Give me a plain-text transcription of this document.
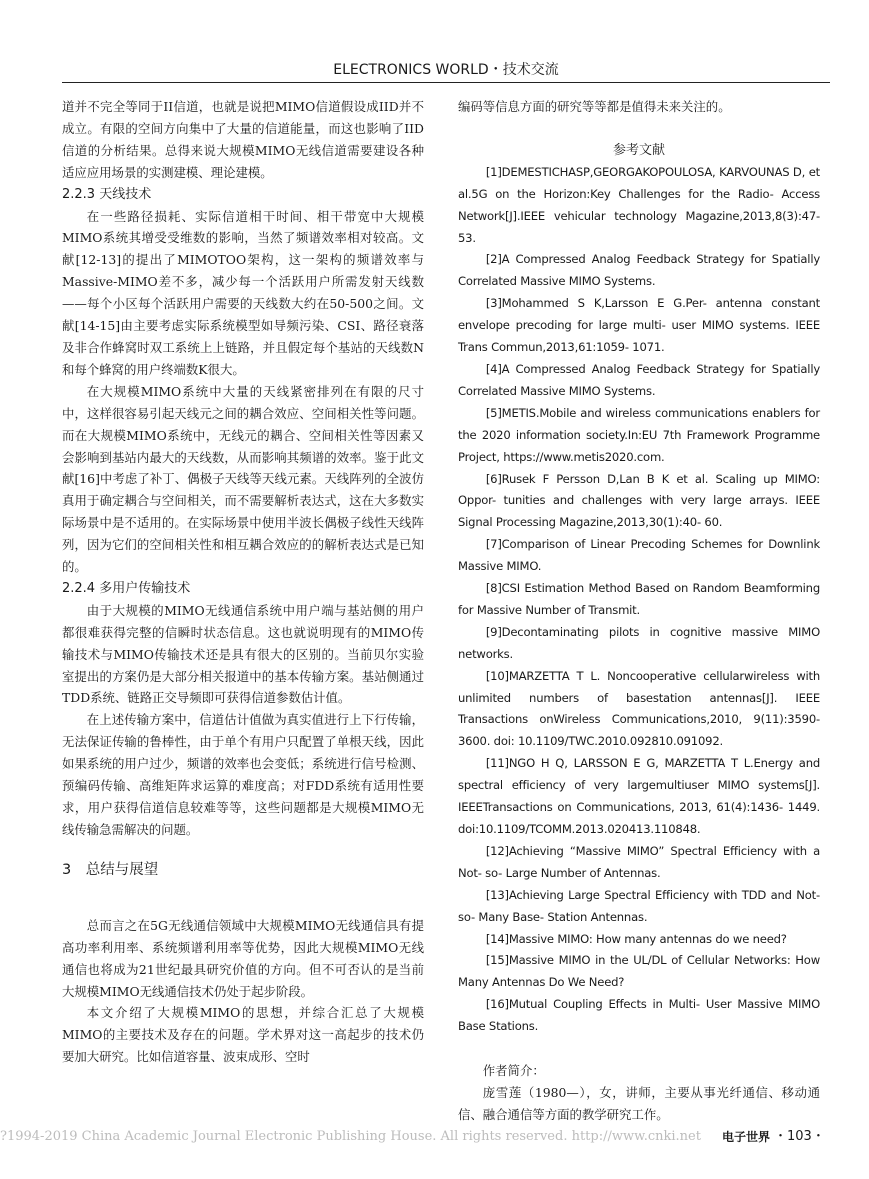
ELECTRONICS WORLD・技术交流

道并不完全等同于II信道，也就是说把MIMO信道假设成IID并不成立。有限的空间方向集中了大量的信道能量，而这也影响了IID信道的分析结果。总得来说大规模MIMO无线信道需要建设各种适应应用场景的实测建模、理论建模。

2.2.3 天线技术

在一些路径损耗、实际信道相干时间、相干带宽中大规模MIMO系统其增受受维数的影响，当然了频谱效率相对较高。文献[12-13]的提出了MIMOTOO架构，这一架构的频谱效率与Massive-MIMO差不多，减少每一个活跃用户所需发射天线数——每个小区每个活跃用户需要的天线数大约在50-500之间。文献[14-15]由主要考虑实际系统模型如导频污染、CSI、路径衰落及非合作蜂窝时双工系统上上链路，并且假定每个基站的天线数N和每个蜂窝的用户终端数K很大。

在大规模MIMO系统中大量的天线紧密排列在有限的尺寸中，这样很容易引起天线元之间的耦合效应、空间相关性等问题。而在大规模MIMO系统中，无线元的耦合、空间相关性等因素又会影响到基站内最大的天线数，从而影响其频谱的效率。鉴于此文献[16]中考虑了补丁、偶极子天线等天线元素。天线阵列的全波仿真用于确定耦合与空间相关，而不需要解析表达式，这在大多数实际场景中是不适用的。在实际场景中使用半波长偶极子线性天线阵列，因为它们的空间相关性和相互耦合效应的的解析表达式是已知的。

2.2.4 多用户传输技术

由于大规模的MIMO无线通信系统中用户端与基站侧的用户都很难获得完整的信瞬时状态信息。这也就说明现有的MIMO传输技术与MIMO传输技术还是具有很大的区别的。当前贝尔实验室提出的方案仍是大部分相关报道中的基本传输方案。基站侧通过TDD系统、链路正交导频即可获得信道参数估计值。

在上述传输方案中，信道估计值做为真实值进行上下行传输，无法保证传输的鲁棒性，由于单个有用户只配置了单根天线，因此如果系统的用户过少，频谱的效率也会变低；系统进行信号检测、预编码传输、高维矩阵求运算的难度高；对FDD系统有适用性要求，用户获得信道信息较难等等，这些问题都是大规模MIMO无线传输急需解决的问题。

3　总结与展望

总而言之在5G无线通信领域中大规模MIMO无线通信具有提高功率利用率、系统频谱利用率等优势，因此大规模MIMO无线通信也将成为21世纪最具研究价值的方向。但不可否认的是当前大规模MIMO无线通信技术仍处于起步阶段。

本文介绍了大规模MIMO的思想，并综合汇总了大规模MIMO的主要技术及存在的问题。学术界对这一高起步的技术仍要加大研究。比如信道容量、波束成形、空时

编码等信息方面的研究等等都是值得未来关注的。

参考文献

[1]DEMESTICHASP,GEORGAKOPOULOSA, KARVOUNAS D, et al.5G on the Horizon:Key Challenges for the Radio- Access Network[J].IEEE vehicular technology Magazine,2013,8(3):47- 53.

[2]A Compressed Analog Feedback Strategy for Spatially Correlated Massive MIMO Systems.

[3]Mohammed S K,Larsson E G.Per- antenna constant envelope precoding for large multi- user MIMO systems. IEEE Trans Commun,2013,61:1059- 1071.

[4]A Compressed Analog Feedback Strategy for Spatially Correlated Massive MIMO Systems.

[5]METIS.Mobile and wireless communications enablers for the 2020 information society.In:EU 7th Framework Programme Project, https://www.metis2020.com.

[6]Rusek F Persson D,Lan B K et al. Scaling up MIMO: Oppor- tunities and challenges with very large arrays. IEEE Signal Processing Magazine,2013,30(1):40- 60.

[7]Comparison of Linear Precoding Schemes for Downlink Massive MIMO.

[8]CSI Estimation Method Based on Random Beamforming for Massive Number of Transmit.

[9]Decontaminating pilots in cognitive massive MIMO networks.

[10]MARZETTA T L. Noncooperative cellularwireless with unlimited numbers of basestation antennas[J]. IEEE Transactions onWireless Communications,2010, 9(11):3590- 3600. doi: 10.1109/TWC.2010.092810.091092.

[11]NGO H Q, LARSSON E G, MARZETTA T L.Energy and spectral efficiency of very largemultiuser MIMO systems[J]. IEEETransactions on Communications, 2013, 61(4):1436- 1449. doi:10.1109/TCOMM.2013.020413.110848.

[12]Achieving “Massive MIMO” Spectral Efficiency with a Not- so- Large Number of Antennas.

[13]Achieving Large Spectral Efficiency with TDD and Not- so- Many Base- Station Antennas.

[14]Massive MIMO: How many antennas do we need?

[15]Massive MIMO in the UL/DL of Cellular Networks: How Many Antennas Do We Need?

[16]Mutual Coupling Effects in Multi- User Massive MIMO Base Stations.

作者简介：

庞雪莲（1980—），女，讲师，主要从事光纤通信、移动通信、融合通信等方面的教学研究工作。

?1994-2019 China Academic Journal Electronic Publishing House. All rights reserved. http://www.cnki.net 电子世界 ・103・
